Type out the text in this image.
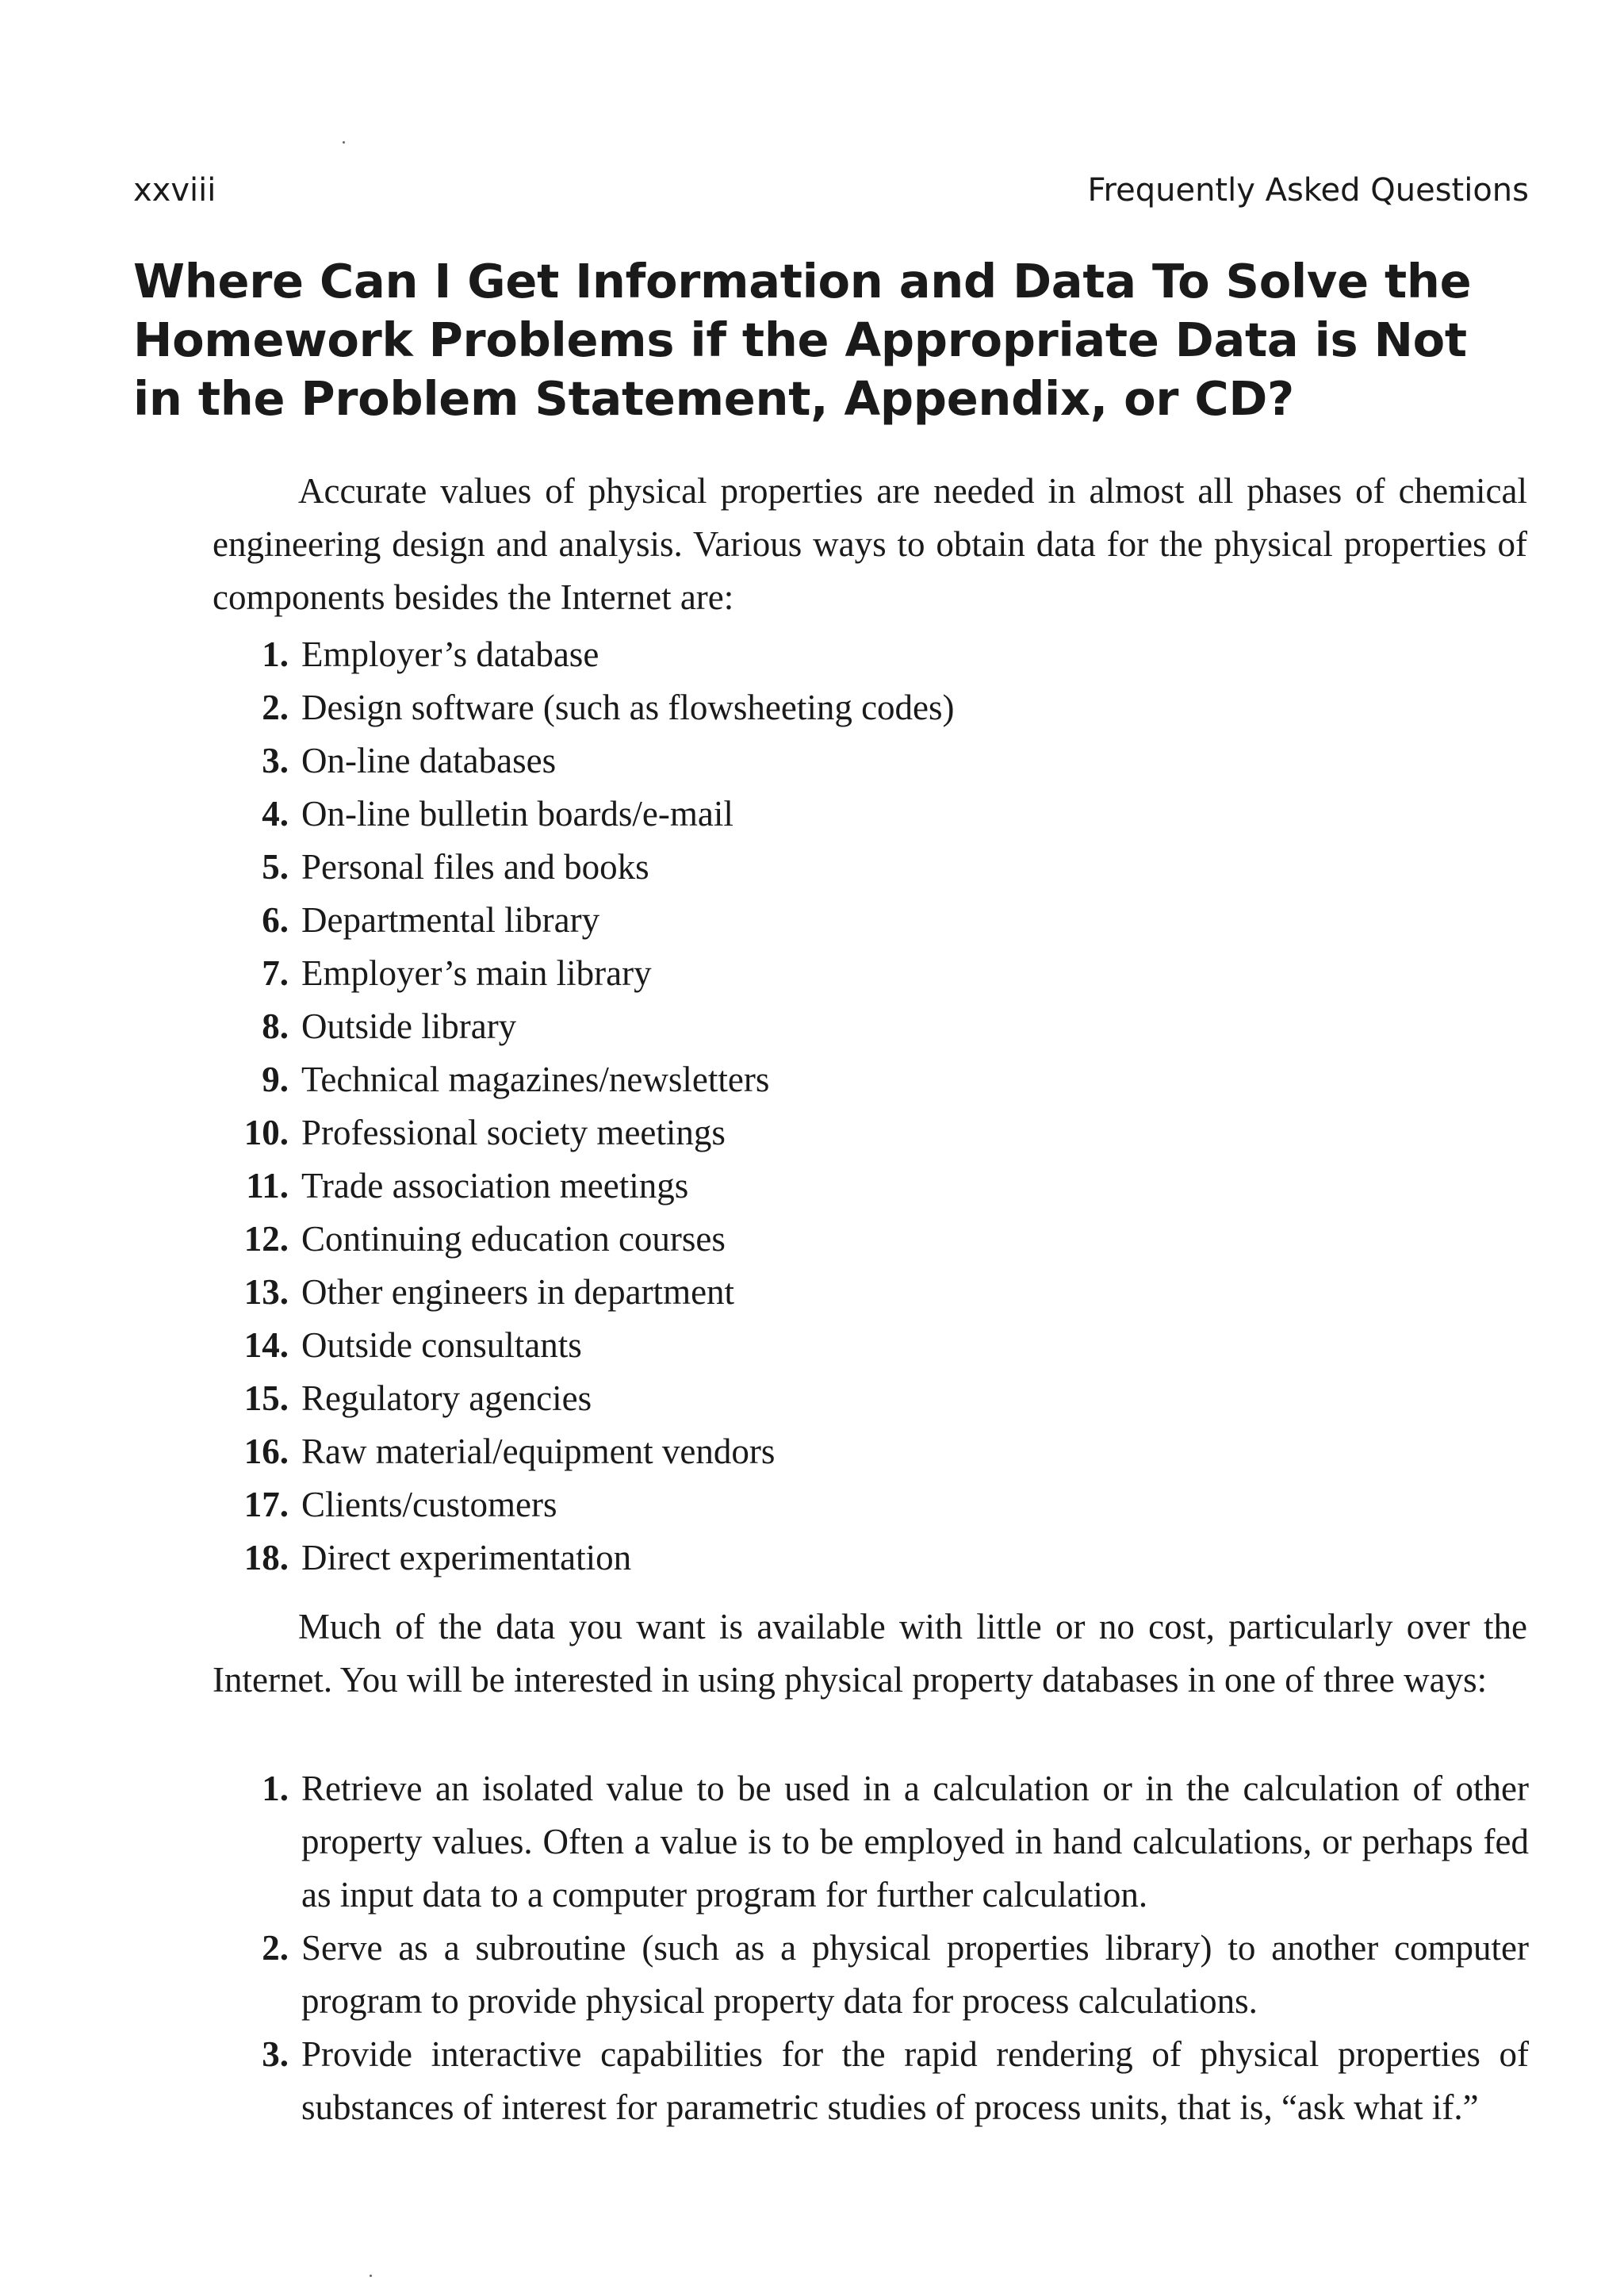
xxviii	Frequently Asked Questions
Where Can I Get Information and Data To Solve the Homework Problems if the Appropriate Data is Not in the Problem Statement, Appendix, or CD?

Accurate values of physical properties are needed in almost all phases of chemical engineering design and analysis. Various ways to obtain data for the physical properties of components besides the Internet are:

1. Employer’s database
2. Design software (such as flowsheeting codes)
3. On-line databases
4. On-line bulletin boards/e-mail
5. Personal files and books
6. Departmental library
7. Employer’s main library
8. Outside library
9. Technical magazines/newsletters
10. Professional society meetings
11. Trade association meetings
12. Continuing education courses
13. Other engineers in department
14. Outside consultants
15. Regulatory agencies
16. Raw material/equipment vendors
17. Clients/customers
18. Direct experimentation

Much of the data you want is available with little or no cost, particularly over the Internet. You will be interested in using physical property databases in one of three ways:

1. Retrieve an isolated value to be used in a calculation or in the calculation of other property values. Often a value is to be employed in hand calculations, or perhaps fed as input data to a computer program for further calculation.
2. Serve as a subroutine (such as a physical properties library) to another computer program to provide physical property data for process calculations.
3. Provide interactive capabilities for the rapid rendering of physical properties of substances of interest for parametric studies of process units, that is, “ask what if.”
